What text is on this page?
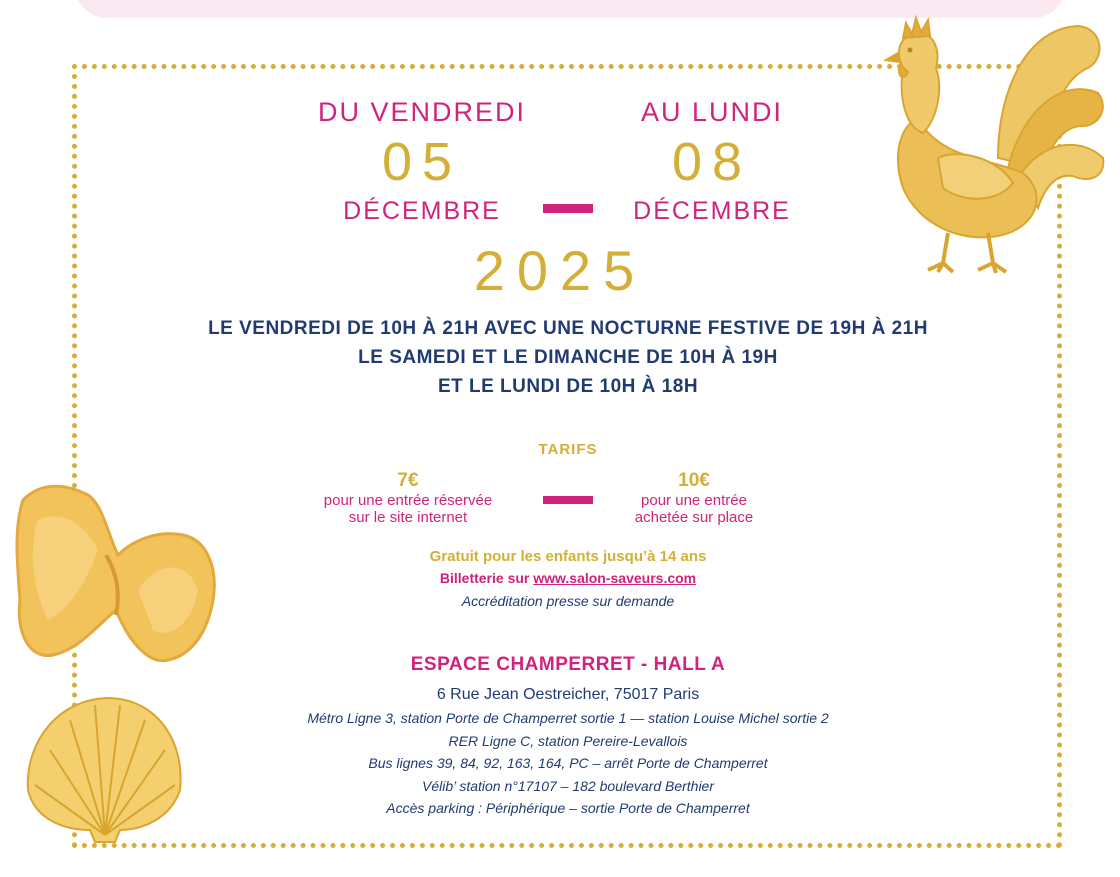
DU VENDREDI
05
DÉCEMBRE
AU LUNDI
08
DÉCEMBRE
2025
LE VENDREDI DE 10H À 21H AVEC UNE NOCTURNE FESTIVE DE 19H À 21H
LE SAMEDI ET LE DIMANCHE DE 10H À 19H
ET LE LUNDI DE 10H À 18H
TARIFS
7€
pour une entrée réservée
sur le site internet
10€
pour une entrée
achetée sur place
Gratuit pour les enfants jusqu’à 14 ans
Billetterie sur www.salon-saveurs.com
Accréditation presse sur demande
ESPACE CHAMPERRET - HALL A
6 Rue Jean Oestreicher, 75017 Paris
Métro Ligne 3, station Porte de Champerret sortie 1 — station Louise Michel sortie 2
RER Ligne C, station Pereire-Levallois
Bus lignes 39, 84, 92, 163, 164, PC – arrêt Porte de Champerret
Vélib’ station n°17107 – 182 boulevard Berthier
Accès parking : Périphérique – sortie Porte de Champerret
